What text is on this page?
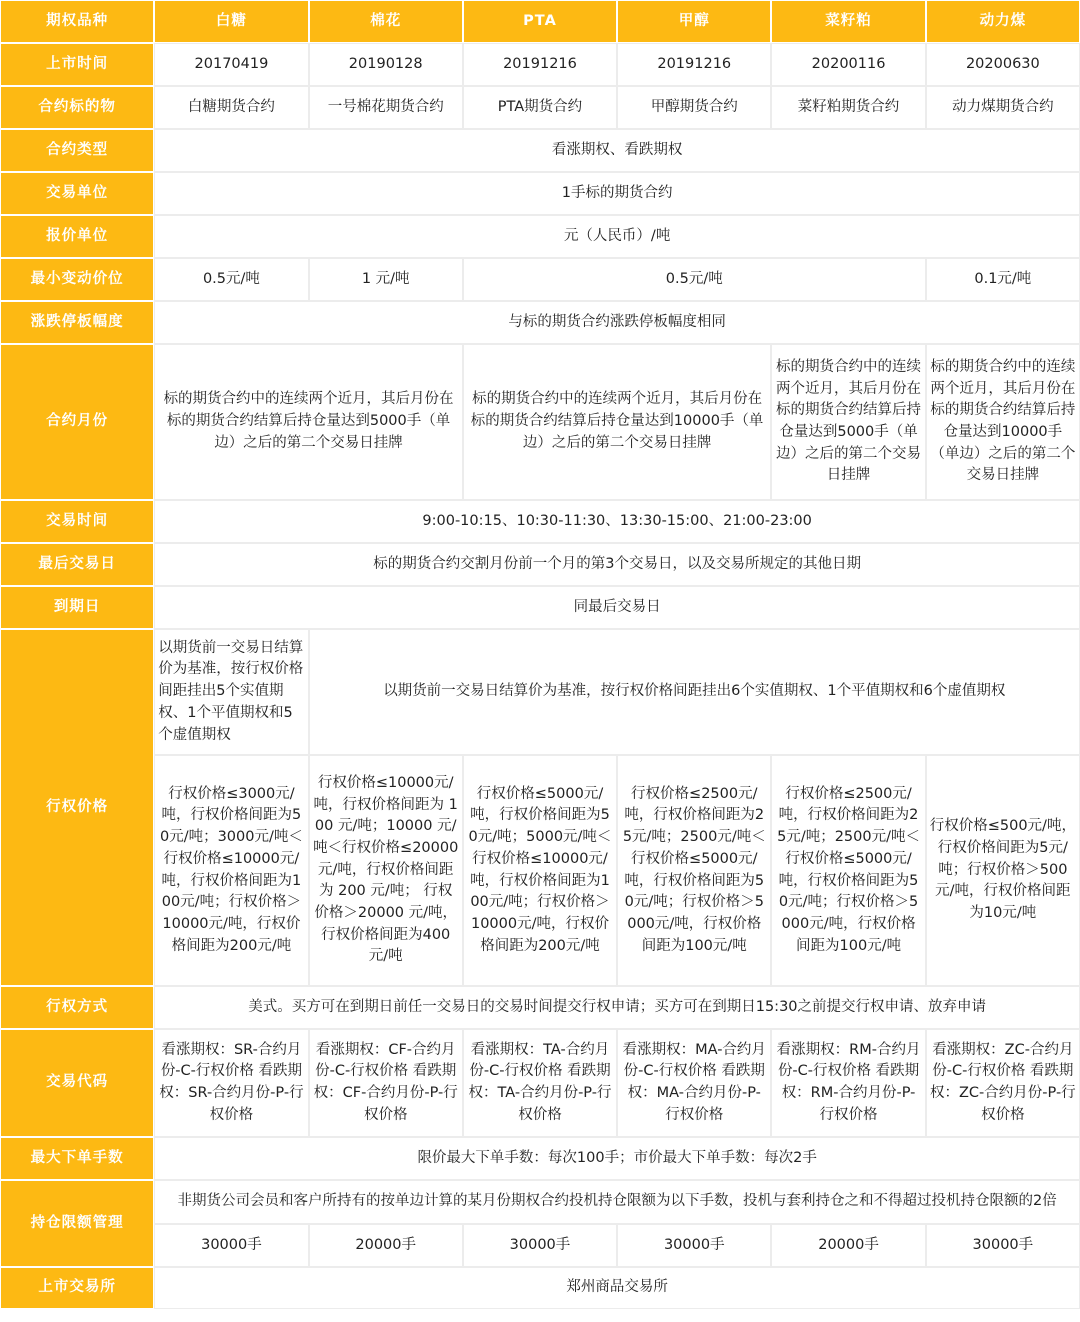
期权品种	白糖	棉花	PTA	甲醇	菜籽粕	动力煤
上市时间	20170419	20190128	20191216	20191216	20200116	20200630
合约标的物	白糖期货合约	一号棉花期货合约	PTA期货合约	甲醇期货合约	菜籽粕期货合约	动力煤期货合约
合约类型	看涨期权、看跌期权					
交易单位	1手标的期货合约					
报价单位	元（人民币）/吨					
最小变动价位	0.5元/吨	1 元/吨	0.5元/吨			0.1元/吨
涨跌停板幅度	与标的期货合约涨跌停板幅度相同					
合约月份	标的期货合约中的连续两个近月，其后月份在标的期货合约结算后持仓量达到5000手（单边）之后的第二个交易日挂牌		标的期货合约中的连续两个近月，其后月份在标的期货合约结算后持仓量达到10000手（单边）之后的第二个交易日挂牌		标的期货合约中的连续两个近月，其后月份在标的期货合约结算后持仓量达到5000手（单边）之后的第二个交易日挂牌	标的期货合约中的连续两个近月，其后月份在标的期货合约结算后持仓量达到10000手（单边）之后的第二个交易日挂牌
交易时间	9:00-10:15、10:30-11:30、13:30-15:00、21:00-23:00					
最后交易日	标的期货合约交割月份前一个月的第3个交易日，以及交易所规定的其他日期					
到期日	同最后交易日					
行权价格	以期货前一交易日结算价为基准，按行权价格间距挂出5个实值期权、1个平值期权和5个虚值期权	以期货前一交易日结算价为基准，按行权价格间距挂出6个实值期权、1个平值期权和6个虚值期权				
	行权价格≤3000元/吨，行权价格间距为50元/吨；3000元/吨＜行权价格≤10000元/吨，行权价格间距为100元/吨；行权价格＞10000元/吨，行权价格间距为200元/吨	行权价格≤10000元/吨，行权价格间距为 100 元/吨；10000 元/吨＜行权价格≤20000 元/吨，行权价格间距为 200 元/吨； 行权价格＞20000 元/吨，行权价格间距为400 元/吨	行权价格≤5000元/吨，行权价格间距为50元/吨；5000元/吨＜行权价格≤10000元/吨，行权价格间距为100元/吨；行权价格＞10000元/吨，行权价格间距为200元/吨	行权价格≤2500元/吨，行权价格间距为25元/吨；2500元/吨＜行权价格≤5000元/吨，行权价格间距为50元/吨；行权价格＞5000元/吨，行权价格间距为100元/吨	行权价格≤2500元/吨，行权价格间距为25元/吨；2500元/吨＜行权价格≤5000元/吨，行权价格间距为50元/吨；行权价格＞5000元/吨，行权价格间距为100元/吨	行权价格≤500元/吨，行权价格间距为5元/吨；行权价格＞500元/吨，行权价格间距为10元/吨
行权方式	美式。买方可在到期日前任一交易日的交易时间提交行权申请；买方可在到期日15:30之前提交行权申请、放弃申请					
交易代码	看涨期权：SR-合约月份-C-行权价格 看跌期权：SR-合约月份-P-行权价格	看涨期权：CF-合约月份-C-行权价格 看跌期权：CF-合约月份-P-行权价格	看涨期权：TA-合约月份-C-行权价格 看跌期权：TA-合约月份-P-行权价格	看涨期权：MA-合约月份-C-行权价格 看跌期权：MA-合约月份-P-行权价格	看涨期权：RM-合约月份-C-行权价格 看跌期权：RM-合约月份-P-行权价格	看涨期权：ZC-合约月份-C-行权价格 看跌期权：ZC-合约月份-P-行权价格
最大下单手数	限价最大下单手数：每次100手；市价最大下单手数：每次2手					
持仓限额管理	非期货公司会员和客户所持有的按单边计算的某月份期权合约投机持仓限额为以下手数，投机与套利持仓之和不得超过投机持仓限额的2倍					
	30000手	20000手	30000手	30000手	20000手	30000手
上市交易所	郑州商品交易所					
